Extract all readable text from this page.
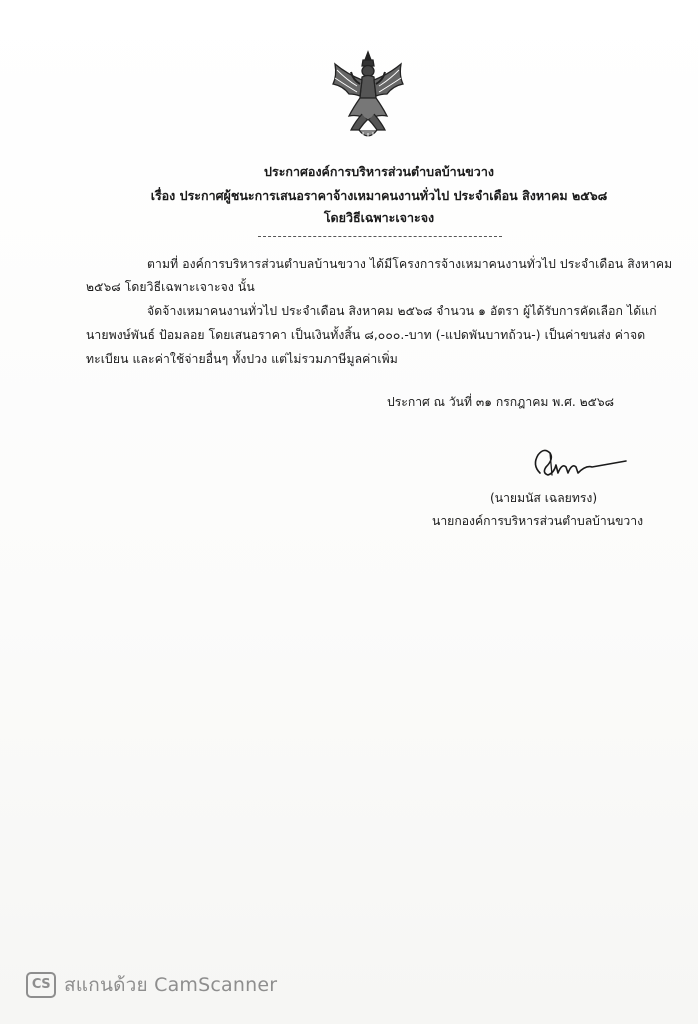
ประกาศองค์การบริหารส่วนตำบลบ้านขวาง
เรื่อง ประกาศผู้ชนะการเสนอราคาจ้างเหมาคนงานทั่วไป ประจำเดือน สิงหาคม ๒๕๖๘
โดยวิธีเฉพาะเจาะจง
ตามที่ องค์การบริหารส่วนตำบลบ้านขวาง ได้มีโครงการจ้างเหมาคนงานทั่วไป ประจำเดือน สิงหาคม
๒๕๖๘ โดยวิธีเฉพาะเจาะจง นั้น
จัดจ้างเหมาคนงานทั่วไป ประจำเดือน สิงหาคม ๒๕๖๘ จำนวน ๑ อัตรา ผู้ได้รับการคัดเลือก ได้แก่
นายพงษ์พันธ์ ป้อมลอย โดยเสนอราคา เป็นเงินทั้งสิ้น ๘,๐๐๐.-บาท (-แปดพันบาทถ้วน-) เป็นค่าขนส่ง ค่าจด
ทะเบียน และค่าใช้จ่ายอื่นๆ ทั้งปวง แต่ไม่รวมภาษีมูลค่าเพิ่ม
ประกาศ ณ วันที่ ๓๑ กรกฎาคม พ.ศ. ๒๕๖๘
(นายมนัส เฉลยทรง)
นายกองค์การบริหารส่วนตำบลบ้านขวาง
CS สแกนด้วย CamScanner
